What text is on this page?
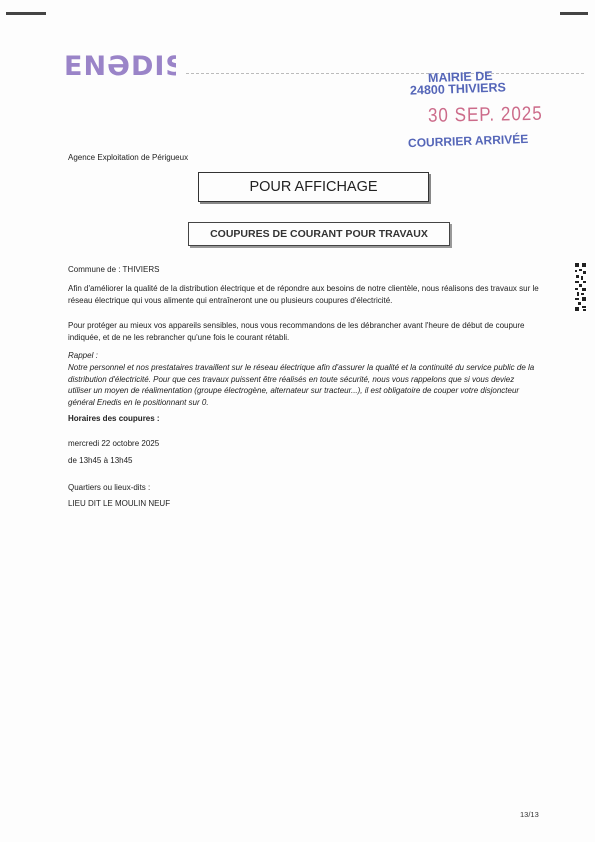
ENƏDIS	MAIRIE DE
24800 THIVIERS
30 SEP. 2025
COURRIER ARRIVÉE
Agence Exploitation de Périgueux
POUR AFFICHAGE
COUPURES DE COURANT POUR TRAVAUX
Commune de : THIVIERS
Afin d'améliorer la qualité de la distribution électrique et de répondre aux besoins de notre clientèle, nous réalisons des travaux sur le réseau électrique qui vous alimente qui entraîneront une ou plusieurs coupures d'électricité.
Pour protéger au mieux vos appareils sensibles, nous vous recommandons de les débrancher avant l'heure de début de coupure indiquée, et de ne les rebrancher qu'une fois le courant rétabli.
Rappel :
Notre personnel et nos prestataires travaillent sur le réseau électrique afin d'assurer la qualité et la continuité du service public de la distribution d'électricité. Pour que ces travaux puissent être réalisés en toute sécurité, nous vous rappelons que si vous deviez utiliser un moyen de réalimentation (groupe électrogène, alternateur sur tracteur...), il est obligatoire de couper votre disjoncteur général Enedis en le positionnant sur 0.
Horaires des coupures :
mercredi 22 octobre 2025
de 13h45 à 13h45
Quartiers ou lieux-dits :
LIEU DIT LE MOULIN NEUF
13/13
